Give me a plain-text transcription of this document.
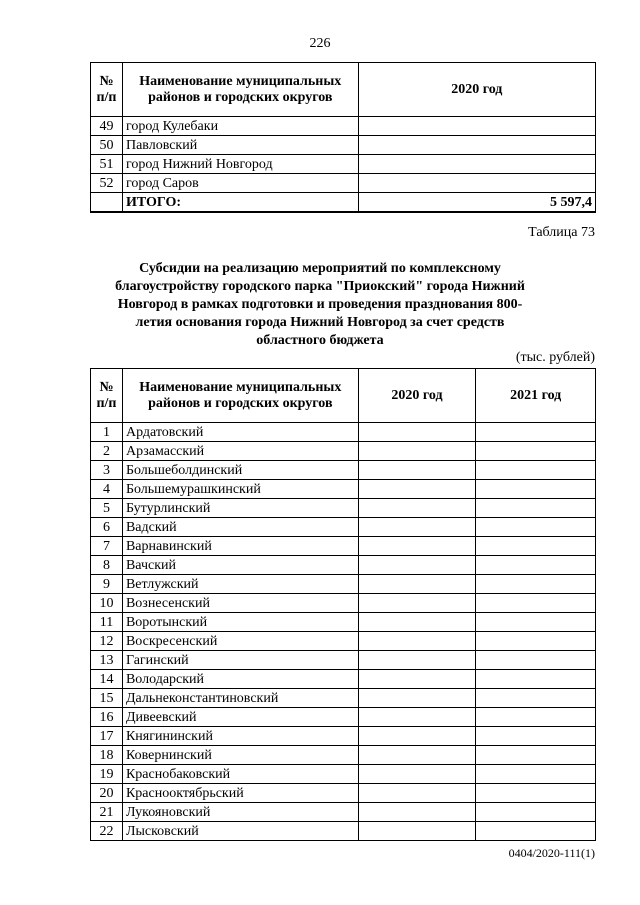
226
№ п/п	Наименование муниципальных районов и городских округов	2020 год
49	город Кулебаки	
50	Павловский	
51	город Нижний Новгород	
52	город Саров	
	ИТОГО:	5 597,4
Таблица 73
Субсидии на реализацию мероприятий по комплексному благоустройству городского парка "Приокский" города Нижний Новгород в рамках подготовки и проведения празднования 800-летия основания города Нижний Новгород за счет средств областного бюджета
(тыс. рублей)
№ п/п	Наименование муниципальных районов и городских округов	2020 год	2021 год
1	Ардатовский		
2	Арзамасский		
3	Большеболдинский		
4	Большемурашкинский		
5	Бутурлинский		
6	Вадский		
7	Варнавинский		
8	Вачский		
9	Ветлужский		
10	Вознесенский		
11	Воротынский		
12	Воскресенский		
13	Гагинский		
14	Володарский		
15	Дальнеконстантиновский		
16	Дивеевский		
17	Княгининский		
18	Ковернинский		
19	Краснобаковский		
20	Краснооктябрьский		
21	Лукояновский		
22	Лысковский		
0404/2020-111(1)
